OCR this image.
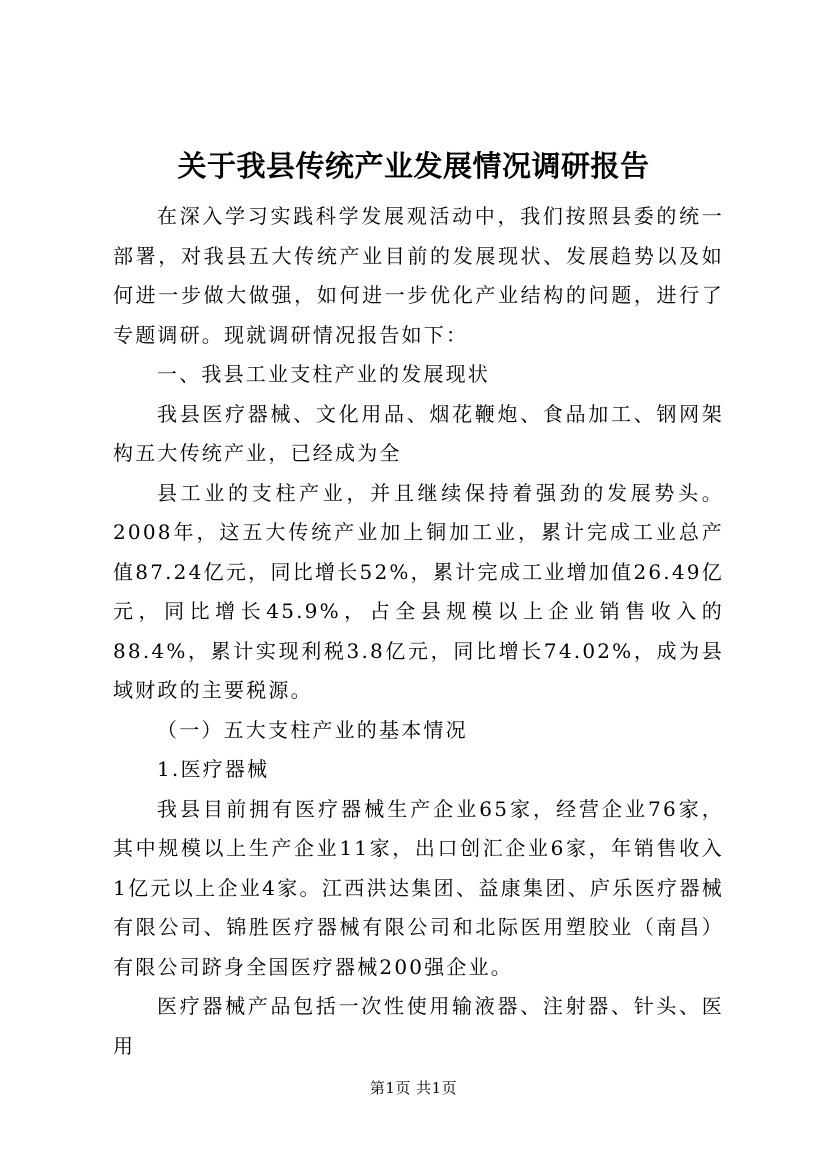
关于我县传统产业发展情况调研报告

在深入学习实践科学发展观活动中，我们按照县委的统一部署，对我县五大传统产业目前的发展现状、发展趋势以及如何进一步做大做强，如何进一步优化产业结构的问题，进行了专题调研。现就调研情况报告如下：

一、我县工业支柱产业的发展现状

我县医疗器械、文化用品、烟花鞭炮、食品加工、钢网架构五大传统产业，已经成为全

县工业的支柱产业，并且继续保持着强劲的发展势头。2008年，这五大传统产业加上铜加工业，累计完成工业总产值87.24亿元，同比增长52%，累计完成工业增加值26.49亿元，同比增长45.9%，占全县规模以上企业销售收入的88.4%，累计实现利税3.8亿元，同比增长74.02%，成为县域财政的主要税源。

（一）五大支柱产业的基本情况

1.医疗器械

我县目前拥有医疗器械生产企业65家，经营企业76家，其中规模以上生产企业11家，出口创汇企业6家，年销售收入1亿元以上企业4家。江西洪达集团、益康集团、庐乐医疗器械有限公司、锦胜医疗器械有限公司和北际医用塑胶业（南昌）有限公司跻身全国医疗器械200强企业。

医疗器械产品包括一次性使用输液器、注射器、针头、医用

第1页 共1页
